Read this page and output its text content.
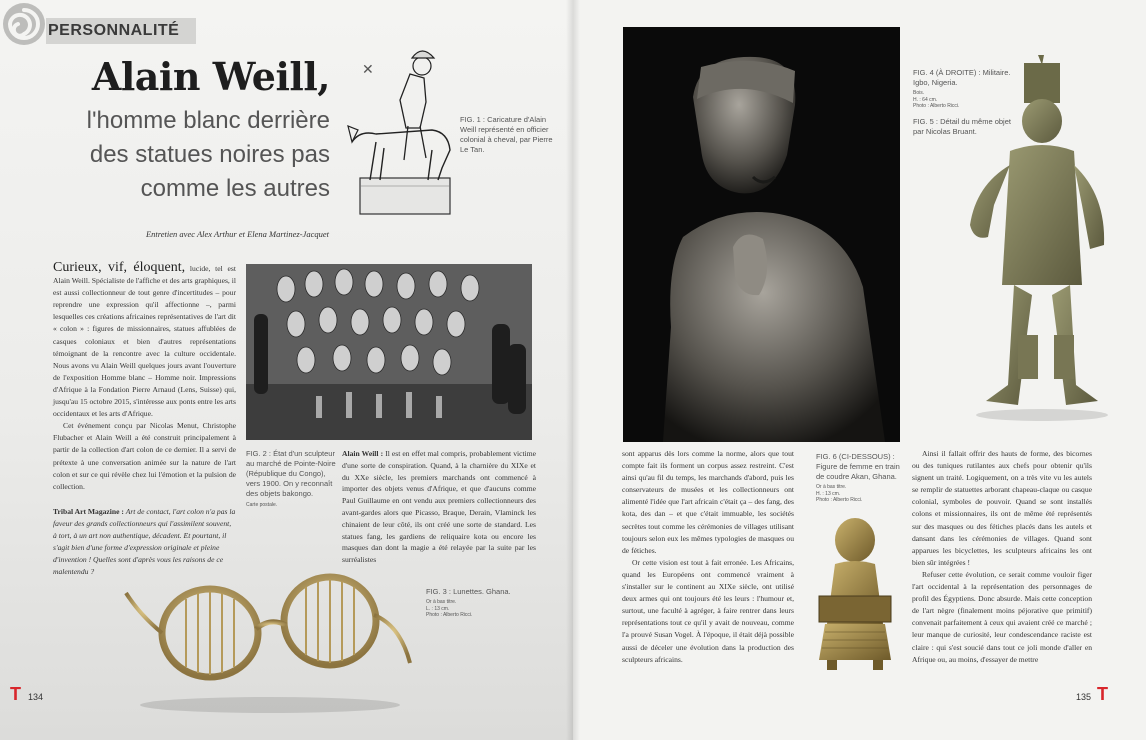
PERSONNALITÉ
Alain Weill,
l'homme blanc derrière des statues noires pas comme les autres
Entretien avec Alex Arthur et Elena Martinez-Jacquet
✕
FIG. 1 : Caricature d'Alain Weill représenté en officier colonial à cheval, par Pierre Le Tan.

Curieux, vif, éloquent, lucide, tel est Alain Weill. Spécialiste de l'affiche et des arts graphiques, il est aussi collectionneur de tout genre d'incertitudes – pour reprendre une expression qu'il affectionne –, parmi lesquelles ces créations africaines représentatives de l'art dit « colon » : figures de missionnaires, statues affublées de casques coloniaux et bien d'autres représentations témoignant de la rencontre avec la culture occidentale. Nous avons vu Alain Weill quelques jours avant l'ouverture de l'exposition Homme blanc – Homme noir. Impressions d'Afrique à la Fondation Pierre Arnaud (Lens, Suisse) qui, jusqu'au 15 octobre 2015, s'intéresse aux ponts entre les arts occidentaux et les arts d'Afrique.

Cet événement conçu par Nicolas Menut, Christophe Flubacher et Alain Weill a été construit principalement à partir de la collection d'art colon de ce dernier. Il a servi de prétexte à une conversation animée sur la nature de l'art colon et sur ce qui révèle chez lui l'émotion et la pulsion de collection.

Tribal Art Magazine : Art de contact, l'art colon n'a pas la faveur des grands collectionneurs qui l'assimilent souvent, à tort, à un art non authentique, décadent. Et pourtant, il s'agit bien d'une forme d'expression originale et pleine d'invention ! Quelles sont d'après vous les raisons de ce malentendu ?
FIG. 2 : État d'un sculpteur au marché de Pointe-Noire (République du Congo), vers 1900. On y reconnaît des objets bakongo.
Carte postale.
Alain Weill : Il est en effet mal compris, probablement victime d'une sorte de conspiration. Quand, à la charnière du XIXe et du XXe siècle, les premiers marchands ont commencé à importer des objets venus d'Afrique, et que d'aucuns comme Paul Guillaume en ont vendu aux premiers collectionneurs des avant-gardes alors que Picasso, Braque, Derain, Vlaminck les chinaient de leur côté, ils ont créé une sorte de standard. Les statues fang, les gardiens de reliquaire kota ou encore les masques dan dont la magie a été relayée par la suite par les surréalistes
FIG. 3 : Lunettes. Ghana.
Or à bas titre.
L. : 13 cm.
Photo : Alberto Ricci.
T 134
FIG. 4 (À DROITE) : Militaire. Igbo, Nigeria.
Bois.
H. : 64 cm.
Photo : Alberto Ricci.
FIG. 5 : Détail du même objet par Nicolas Bruant.

sont apparus dès lors comme la norme, alors que tout compte fait ils forment un corpus assez restreint. C'est ainsi qu'au fil du temps, les marchands d'abord, puis les conservateurs de musées et les collectionneurs ont alimenté l'idée que l'art africain c'était ça – des fang, des kota, des dan – et que c'était immuable, les sociétés secrètes tout comme les cérémonies de villages utilisant toujours selon eux les mêmes typologies de masques ou de fétiches.

Or cette vision est tout à fait erronée. Les Africains, quand les Européens ont commencé vraiment à s'installer sur le continent au XIXe siècle, ont utilisé deux armes qui ont toujours été les leurs : l'humour et, surtout, une faculté à agréger, à faire rentrer dans leurs représentations tout ce qu'il y avait de nouveau, comme l'a prouvé Susan Vogel. À l'époque, il était déjà possible aussi de déceler une évolution dans la production des sculpteurs africains.

FIG. 6 (CI-DESSOUS) : Figure de femme en train de coudre Akan, Ghana.
Or à bas titre.
H. : 13 cm.
Photo : Alberto Ricci.

Ainsi il fallait offrir des hauts de forme, des bicornes ou des tuniques rutilantes aux chefs pour obtenir qu'ils signent un traité. Logiquement, on a très vite vu les autels se remplir de statuettes arborant chapeau-claque ou casque colonial, symboles de pouvoir. Quand se sont installés colons et missionnaires, ils ont de même été représentés sur des masques ou des fétiches placés dans les autels et dansant dans les cérémonies de villages. Quand sont apparues les bicyclettes, les sculpteurs africains les ont bien sûr intégrées !

Refuser cette évolution, ce serait comme vouloir figer l'art occidental à la représentation des personnages de profil des Égyptiens. Donc absurde. Mais cette conception de l'art nègre (finalement moins péjorative que primitif) convenait parfaitement à ceux qui avaient créé ce marché ; leur manque de curiosité, leur condescendance raciste est claire : qui s'est soucié dans tout ce joli monde d'aller en Afrique ou, au moins, d'essayer de mettre

135 T
